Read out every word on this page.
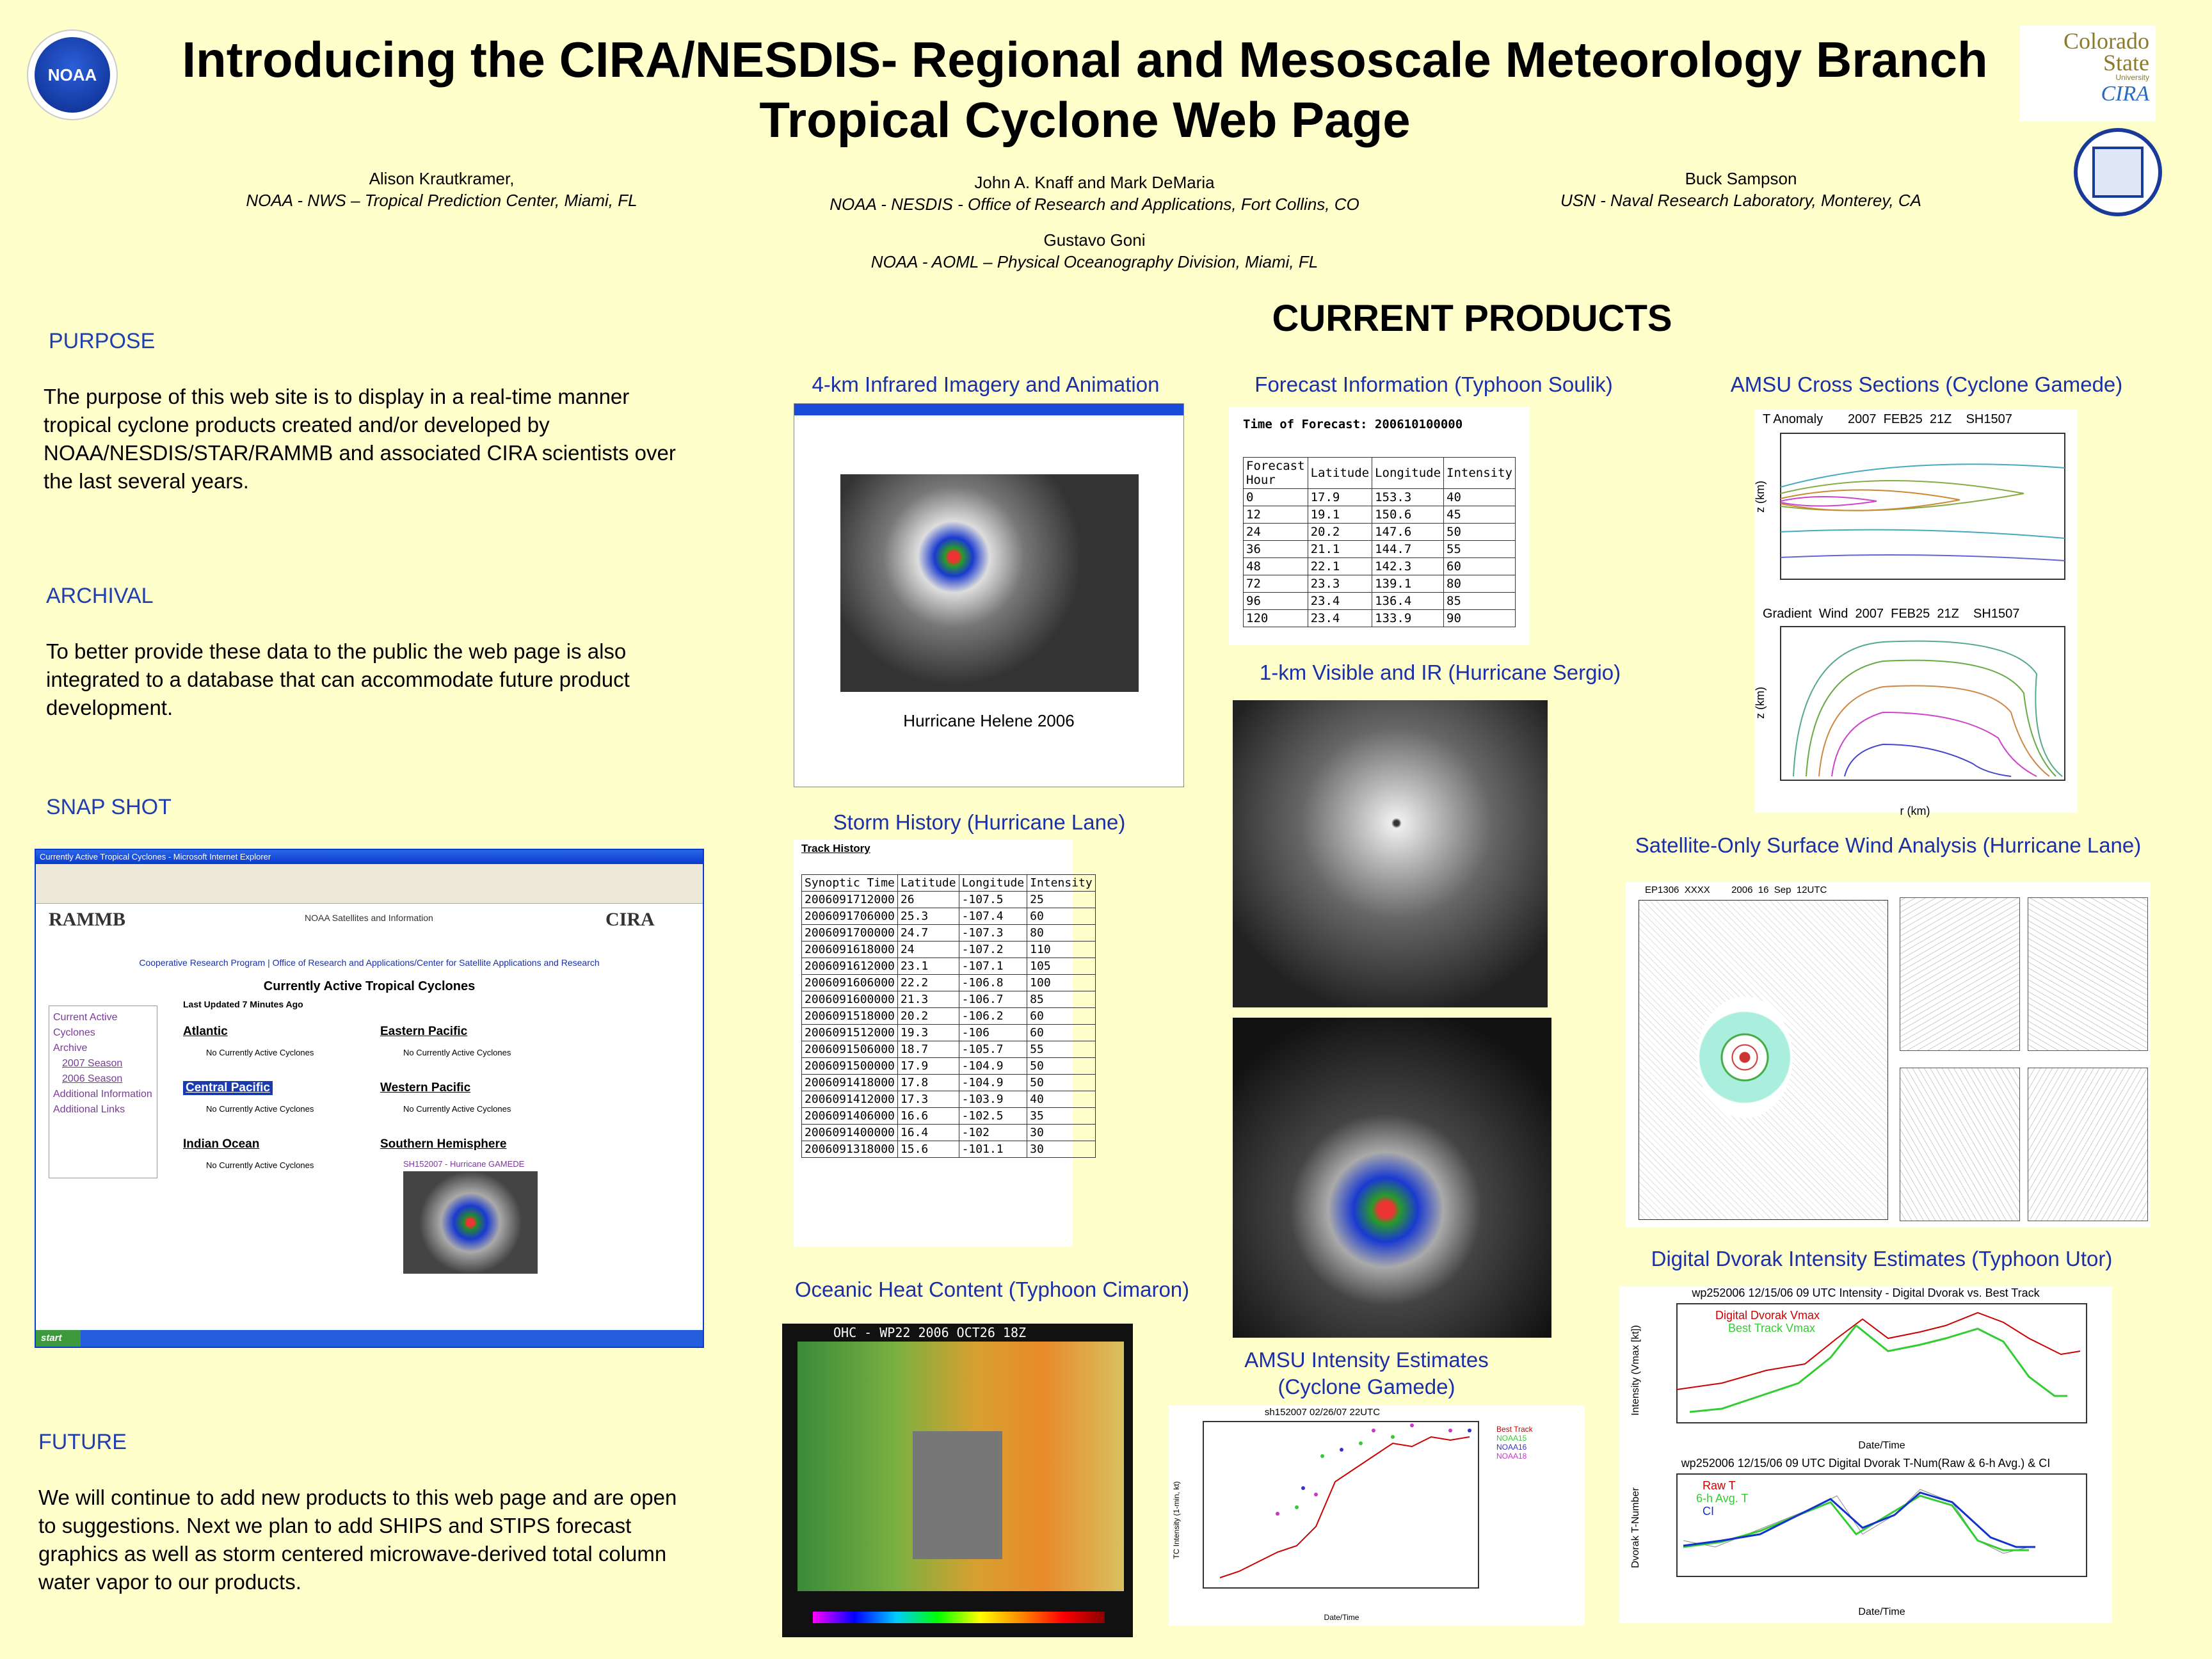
NOAA
Colorado
State
University
CIRA
Introducing the CIRA/NESDIS- Regional and Mesoscale Meteorology Branch
Tropical Cyclone Web Page
Alison Krautkramer,
NOAA - NWS – Tropical Prediction Center, Miami, FL
John A. Knaff and Mark DeMaria
NOAA - NESDIS - Office of Research and Applications, Fort Collins, CO
Buck Sampson
USN - Naval Research Laboratory, Monterey, CA
Gustavo Goni
NOAA - AOML – Physical Oceanography Division, Miami, FL
PURPOSE
The purpose of this web site is to display in a real-time manner tropical cyclone products created and/or developed by NOAA/NESDIS/STAR/RAMMB and associated CIRA scientists over the last several years.
ARCHIVAL
To better provide these data to the public the web page is also integrated to a database that can accommodate future product development.
SNAP SHOT
Currently Active Tropical Cyclones - Microsoft Internet Explorer
RAMMB	NOAA Satellites and Information	CIRA
Cooperative Research Program | Office of Research and Applications/Center for Satellite Applications and Research
Currently Active Tropical Cyclones
Current Active Cyclones
Archive
2007 Season
2006 Season
Additional Information
Additional Links
Last Updated 7 Minutes Ago
Atlantic
No Currently Active Cyclones
Eastern Pacific
No Currently Active Cyclones
Central Pacific
No Currently Active Cyclones
Western Pacific
No Currently Active Cyclones
Indian Ocean
No Currently Active Cyclones
Southern Hemisphere
SH152007 - Hurricane GAMEDE
start
FUTURE
We will continue to add new products to this web page and are open to suggestions. Next we plan to add SHIPS and STIPS forecast graphics as well as storm centered microwave-derived total column water vapor to our products.
CURRENT PRODUCTS
4-km Infrared Imagery and Animation
Hurricane Helene 2006
Forecast Information (Typhoon Soulik)
Time of Forecast: 200610100000
Forecast Hour	Latitude	Longitude	Intensity
0	17.9	153.3	40
12	19.1	150.6	45
24	20.2	147.6	50
36	21.1	144.7	55
48	22.1	142.3	60
72	23.3	139.1	80
96	23.4	136.4	85
120	23.4	133.9	90
AMSU Cross Sections (Cyclone Gamede)
T Anomaly       2007  FEB25  21Z    SH1507
z (km)
Gradient  Wind  2007  FEB25  21Z    SH1507
z (km)
r (km)
1-km Visible and IR (Hurricane Sergio)
Storm History (Hurricane Lane)
Track History
Synoptic Time	Latitude	Longitude	Intensity
2006091712000	26	-107.5	25
2006091706000	25.3	-107.4	60
2006091700000	24.7	-107.3	80
2006091618000	24	-107.2	110
2006091612000	23.1	-107.1	105
2006091606000	22.2	-106.8	100
2006091600000	21.3	-106.7	85
2006091518000	20.2	-106.2	60
2006091512000	19.3	-106	60
2006091506000	18.7	-105.7	55
2006091500000	17.9	-104.9	50
2006091418000	17.8	-104.9	50
2006091412000	17.3	-103.9	40
2006091406000	16.6	-102.5	35
2006091400000	16.4	-102	30
2006091318000	15.6	-101.1	30
Satellite-Only Surface Wind Analysis (Hurricane Lane)
EP1306  XXXX        2006  16  Sep  12UTC
Oceanic Heat Content (Typhoon Cimaron)
OHC - WP22 2006 OCT26 18Z
AMSU Intensity Estimates
(Cyclone Gamede)
sh152007 02/26/07 22UTC
Best Track
NOAA15
NOAA16
NOAA18
TC Intensity (1-min, kt)
Date/Time
Digital Dvorak Intensity Estimates (Typhoon Utor)
wp252006 12/15/06 09 UTC Intensity - Digital Dvorak vs. Best Track
Digital Dvorak Vmax
Best Track Vmax
Intensity (Vmax [kt])
Date/Time
wp252006 12/15/06 09 UTC Digital Dvorak T-Num(Raw & 6-h Avg.) & CI
Raw T
6-h Avg. T
CI
Dvorak T-Number
Date/Time
